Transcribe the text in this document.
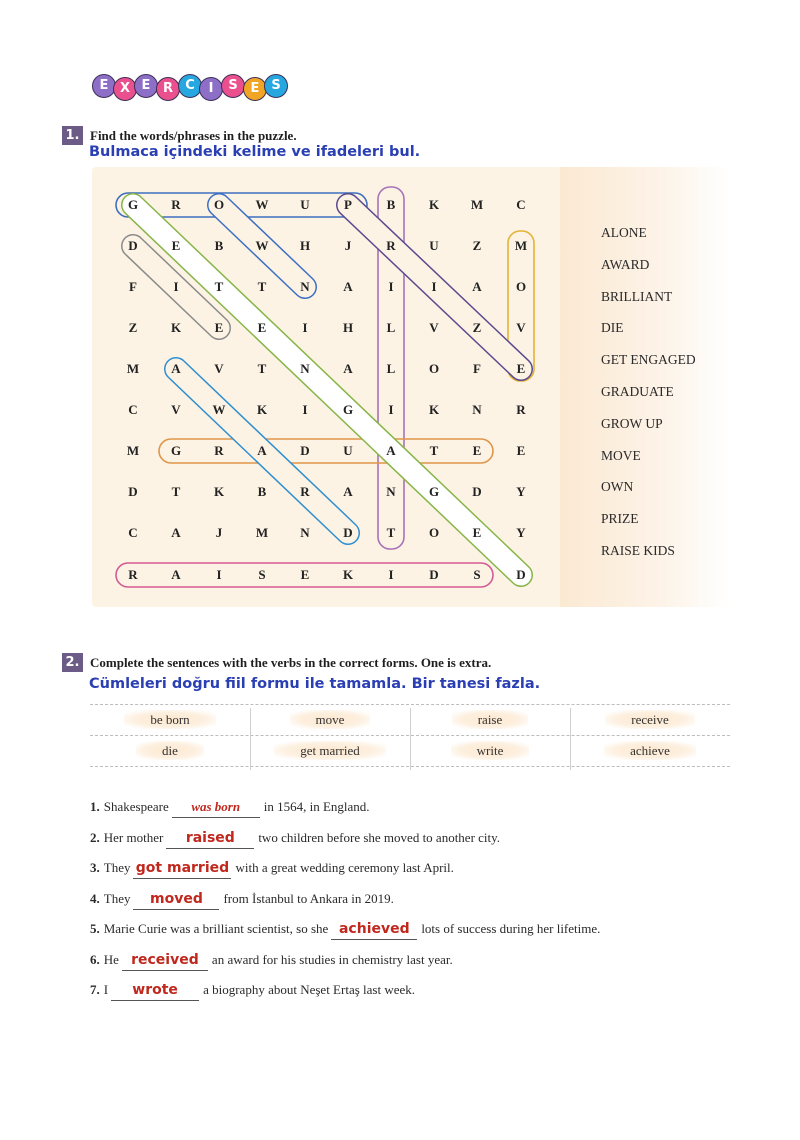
E X E R C	I	S E S
1. Find the words/phrases in the puzzle.
Bulmaca içindeki kelime ve ifadeleri bul.
G	R	O	W	U	P	B	K	M	C
D	E	B	W	H	J	R	U	Z	M
F	I	T	T	N	A	I	I	A	O
Z	K	E	E	I	H	L	V	Z	V
M	A	V	T	N	A	L	O	F	E
C	V	W	K	I	G	I	K	N	R
M	G	R	A	D	U	A	T	E	E
D	T	K	B	R	A	N	G	D	Y
C	A	J	M	N	D	T	O	E	Y
R	A	I	S	E	K	I	D	S	D
ALONE
AWARD
BRILLIANT
DIE
GET ENGAGED
GRADUATE
GROW UP
MOVE
OWN
PRIZE
RAISE KIDS
2. Complete the sentences with the verbs in the correct forms. One is extra.
Cümleleri doğru fiil formu ile tamamla. Bir tanesi fazla.
be born	move	raise	receive
die	get married	write	achieve
1. Shakespeare was born in 1564, in England.
2. Her mother raised two children before she moved to another city.
3. They got married with a great wedding ceremony last April.
4. They moved from İstanbul to Ankara in 2019.
5. Marie Curie was a brilliant scientist, so she achieved lots of success during her lifetime.
6. He received an award for his studies in chemistry last year.
7. I wrote a biography about Neşet Ertaş last week.
